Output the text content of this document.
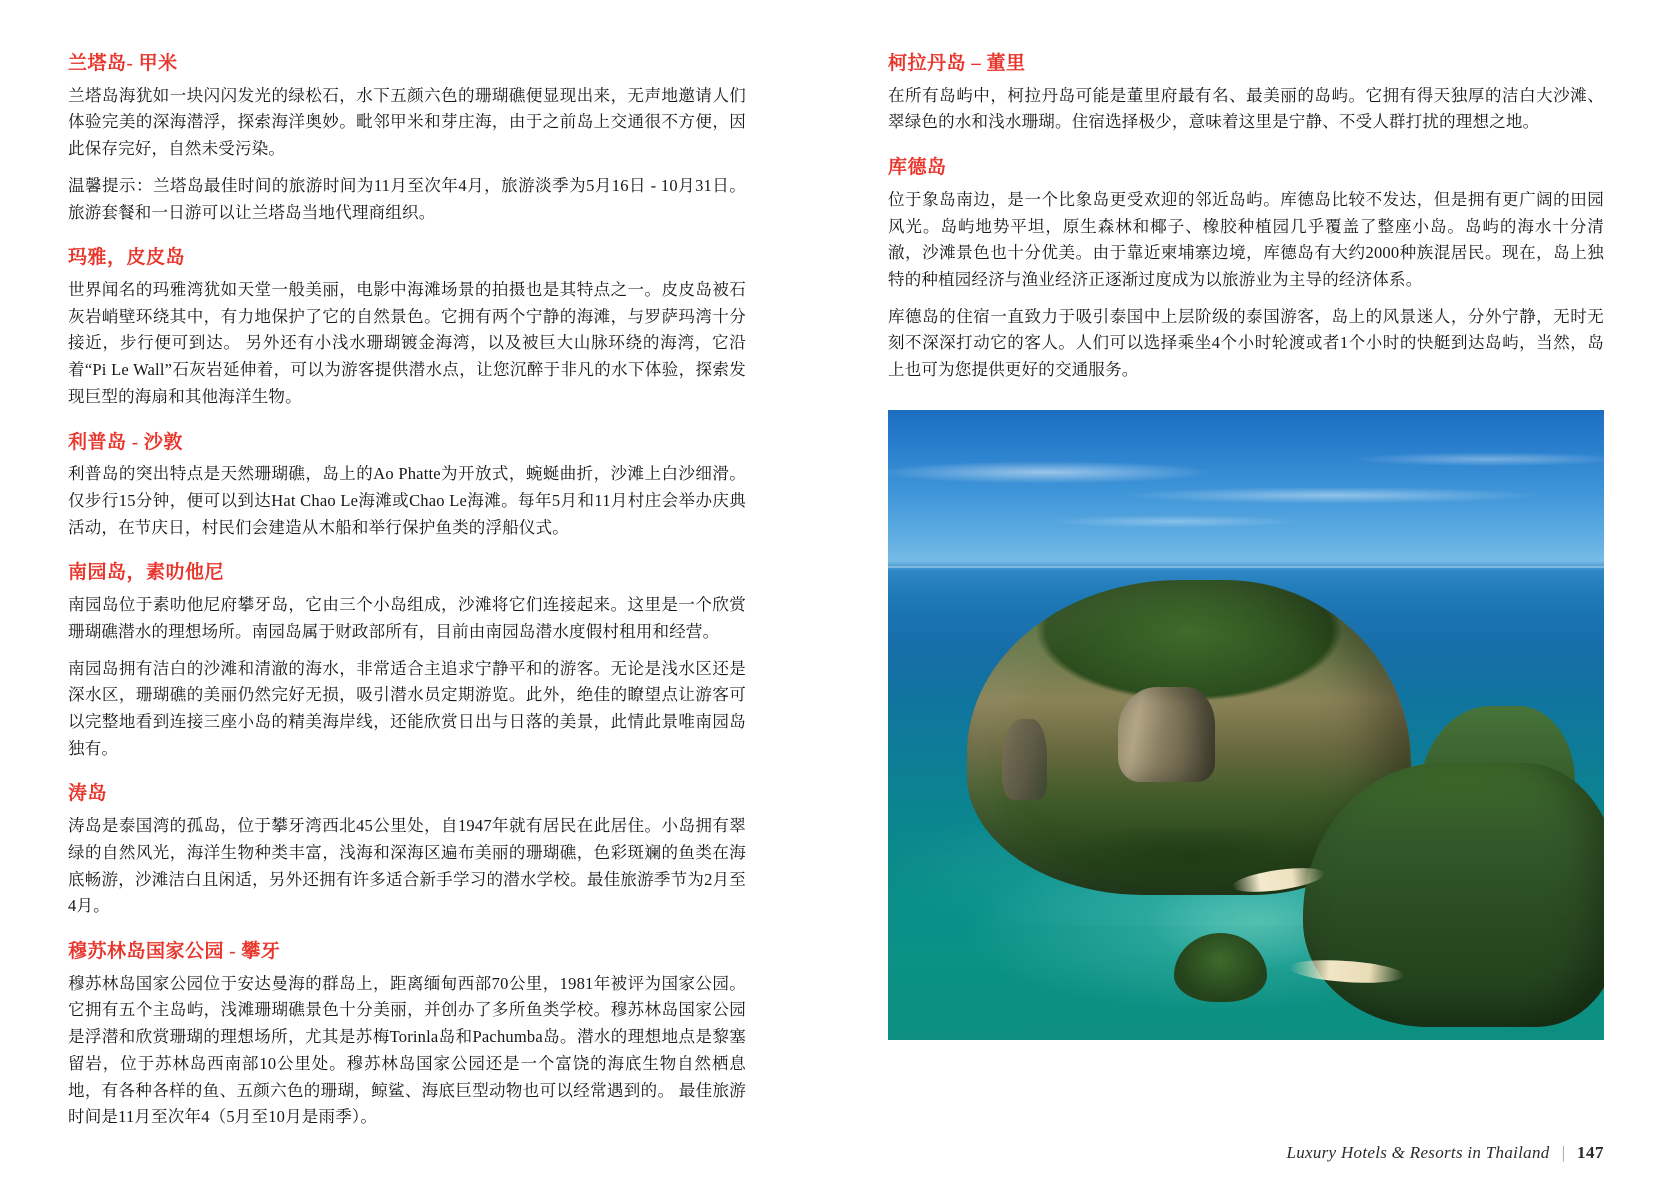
兰塔岛- 甲米

兰塔岛海犹如一块闪闪发光的绿松石，水下五颜六色的珊瑚礁便显现出来，无声地邀请人们体验完美的深海潜浮，探索海洋奥妙。毗邻甲米和芽庄海，由于之前岛上交通很不方便，因此保存完好，自然未受污染。

温馨提示：兰塔岛最佳时间的旅游时间为11月至次年4月，旅游淡季为5月16日 - 10月31日。旅游套餐和一日游可以让兰塔岛当地代理商组织。

玛雅，皮皮岛

世界闻名的玛雅湾犹如天堂一般美丽，电影中海滩场景的拍摄也是其特点之一。皮皮岛被石灰岩峭壁环绕其中，有力地保护了它的自然景色。它拥有两个宁静的海滩，与罗萨玛湾十分接近，步行便可到达。 另外还有小浅水珊瑚镀金海湾，以及被巨大山脉环绕的海湾，它沿着“Pi Le Wall”石灰岩延伸着，可以为游客提供潜水点，让您沉醉于非凡的水下体验，探索发现巨型的海扇和其他海洋生物。

利普岛 - 沙敦

利普岛的突出特点是天然珊瑚礁，岛上的Ao Phatte为开放式，蜿蜒曲折，沙滩上白沙细滑。仅步行15分钟，便可以到达Hat Chao Le海滩或Chao Le海滩。每年5月和11月村庄会举办庆典活动，在节庆日，村民们会建造从木船和举行保护鱼类的浮船仪式。

南园岛，素叻他尼

南园岛位于素叻他尼府攀牙岛，它由三个小岛组成，沙滩将它们连接起来。这里是一个欣赏珊瑚礁潜水的理想场所。南园岛属于财政部所有，目前由南园岛潜水度假村租用和经营。

南园岛拥有洁白的沙滩和清澈的海水，非常适合主追求宁静平和的游客。无论是浅水区还是深水区，珊瑚礁的美丽仍然完好无损，吸引潜水员定期游览。此外，绝佳的瞭望点让游客可以完整地看到连接三座小岛的精美海岸线，还能欣赏日出与日落的美景，此情此景唯南园岛独有。

涛岛

涛岛是泰国湾的孤岛，位于攀牙湾西北45公里处，自1947年就有居民在此居住。小岛拥有翠绿的自然风光，海洋生物种类丰富，浅海和深海区遍布美丽的珊瑚礁，色彩斑斓的鱼类在海底畅游，沙滩洁白且闲适，另外还拥有许多适合新手学习的潜水学校。最佳旅游季节为2月至4月。

穆苏林岛国家公园 - 攀牙

穆苏林岛国家公园位于安达曼海的群岛上，距离缅甸西部70公里，1981年被评为国家公园。它拥有五个主岛屿，浅滩珊瑚礁景色十分美丽，并创办了多所鱼类学校。穆苏林岛国家公园是浮潜和欣赏珊瑚的理想场所，尤其是苏梅Torinla岛和Pachumba岛。潜水的理想地点是黎塞留岩，位于苏林岛西南部10公里处。穆苏林岛国家公园还是一个富饶的海底生物自然栖息地，有各种各样的鱼、五颜六色的珊瑚，鲸鲨、海底巨型动物也可以经常遇到的。 最佳旅游时间是11月至次年4（5月至10月是雨季）。

柯拉丹岛 – 董里

在所有岛屿中，柯拉丹岛可能是董里府最有名、最美丽的岛屿。它拥有得天独厚的洁白大沙滩、翠绿色的水和浅水珊瑚。住宿选择极少，意味着这里是宁静、不受人群打扰的理想之地。

库德岛

位于象岛南边，是一个比象岛更受欢迎的邻近岛屿。库德岛比较不发达，但是拥有更广阔的田园风光。岛屿地势平坦，原生森林和椰子、橡胶种植园几乎覆盖了整座小岛。岛屿的海水十分清澈，沙滩景色也十分优美。由于靠近柬埔寨边境，库德岛有大约2000种族混居民。现在，岛上独特的种植园经济与渔业经济正逐渐过度成为以旅游业为主导的经济体系。

库德岛的住宿一直致力于吸引泰国中上层阶级的泰国游客，岛上的风景迷人，分外宁静，无时无刻不深深打动它的客人。人们可以选择乘坐4个小时轮渡或者1个小时的快艇到达岛屿，当然，岛上也可为您提供更好的交通服务。

Luxury Hotels & Resorts in Thailand | 147
